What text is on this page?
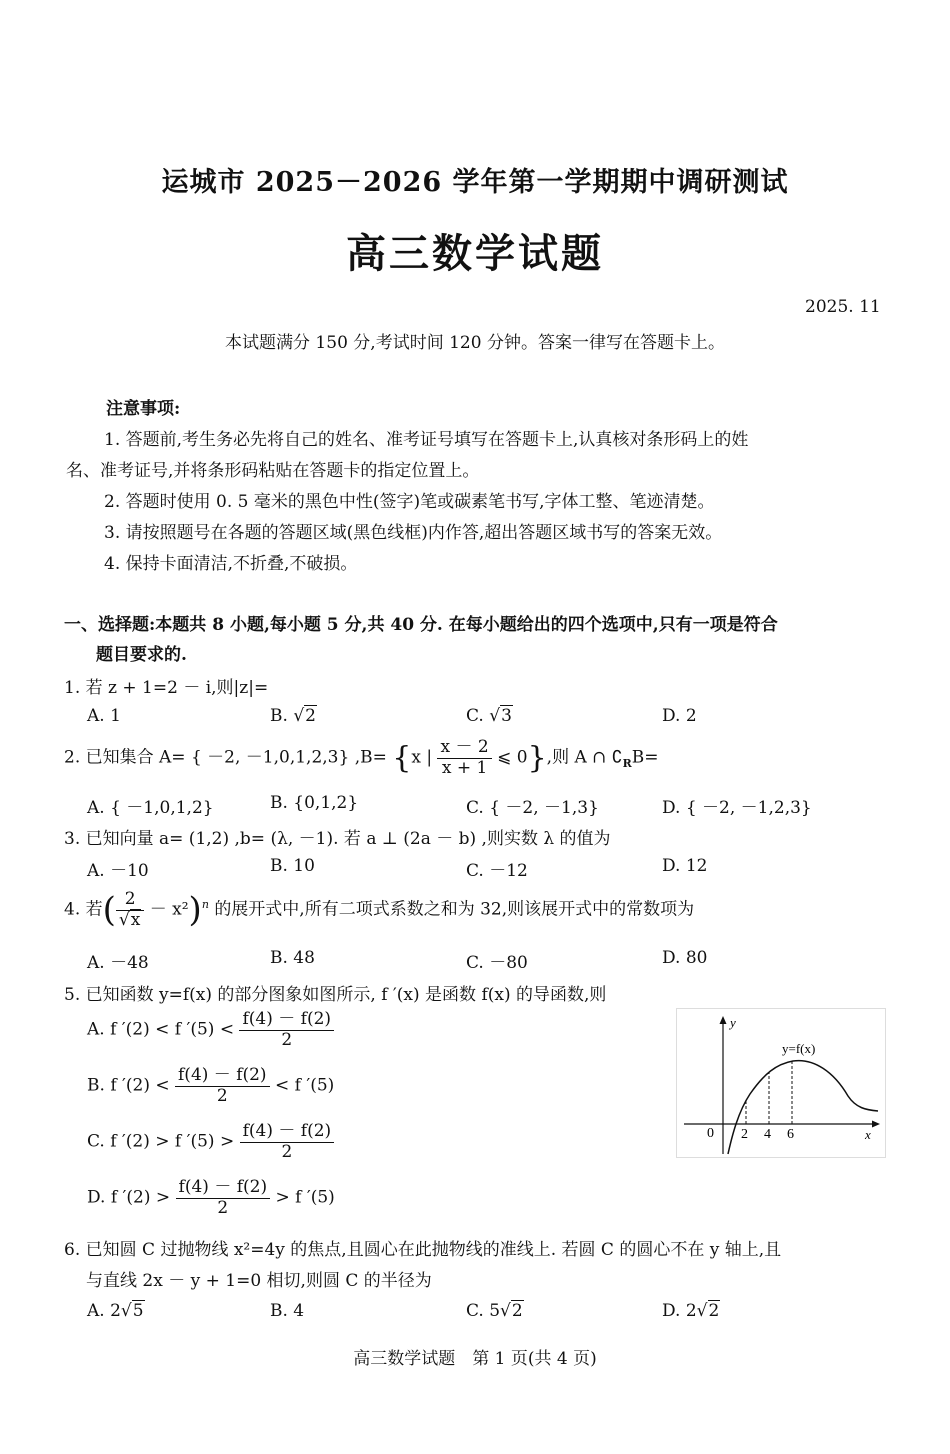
运城市 2025－2026 学年第一学期期中调研测试
高三数学试题
2025. 11
本试题满分 150 分,考试时间 120 分钟。答案一律写在答题卡上。
注意事项:
1. 答题前,考生务必先将自己的姓名、准考证号填写在答题卡上,认真核对条形码上的姓
名、准考证号,并将条形码粘贴在答题卡的指定位置上。
2. 答题时使用 0. 5 毫米的黑色中性(签字)笔或碳素笔书写,字体工整、笔迹清楚。
3. 请按照题号在各题的答题区域(黑色线框)内作答,超出答题区域书写的答案无效。
4. 保持卡面清洁,不折叠,不破损。
一、选择题:本题共 8 小题,每小题 5 分,共 40 分. 在每小题给出的四个选项中,只有一项是符合
题目要求的.
1. 若 z + 1=2 － i,则|z|=
A. 1	B. √2	C. √3	D. 2
2. 已知集合 A= { －2, －1,0,1,2,3} ,B= {x | $\frac{x - 2}{x + 1}$ ⩽ 0},则 A ∩ $∁_RB=$
A. { －1,0,1,2}	B. {0,1,2}	C. { －2, －1,3}	D. { －2, －1,2,3}
3. 已知向量 a= (1,2) ,b= (λ, －1). 若 a ⊥ (2a － b) ,则实数 λ 的值为
A. －10	B. 10	C. －12	D. 12
4. 若( $\frac{2}{√x} - x^2)^n$ 的展开式中,所有二项式系数之和为 32,则该展开式中的常数项为
A. －48	B. 48	C. －80	D. 80
5. 已知函数 y=f(x) 的部分图象如图所示, f ′(x) 是函数 f(x) 的导函数,则
A. f ′(2) < f $'(5) < \frac{f(4) - f(2)}{2}$
B. f $'(2) < \frac{f(4) - f(2)}{2} < f$ ′(5)
C. f ′(2) > f $'(5) > \frac{f(4) - f(2)}{2}$
D. f $'(2) > \frac{f(4) - f(2)}{2} > f$ ′(5)
y
x
0
y=f(x)
2 4 6
6. 已知圆 C 过抛物线 x²=4y 的焦点,且圆心在此抛物线的准线上. 若圆 C 的圆心不在 y 轴上,且
与直线 2x － y + 1=0 相切,则圆 C 的半径为
A. 2√5	B. 4	C. 5√2	D. 2√2
高三数学试题　第 1 页(共 4 页)
